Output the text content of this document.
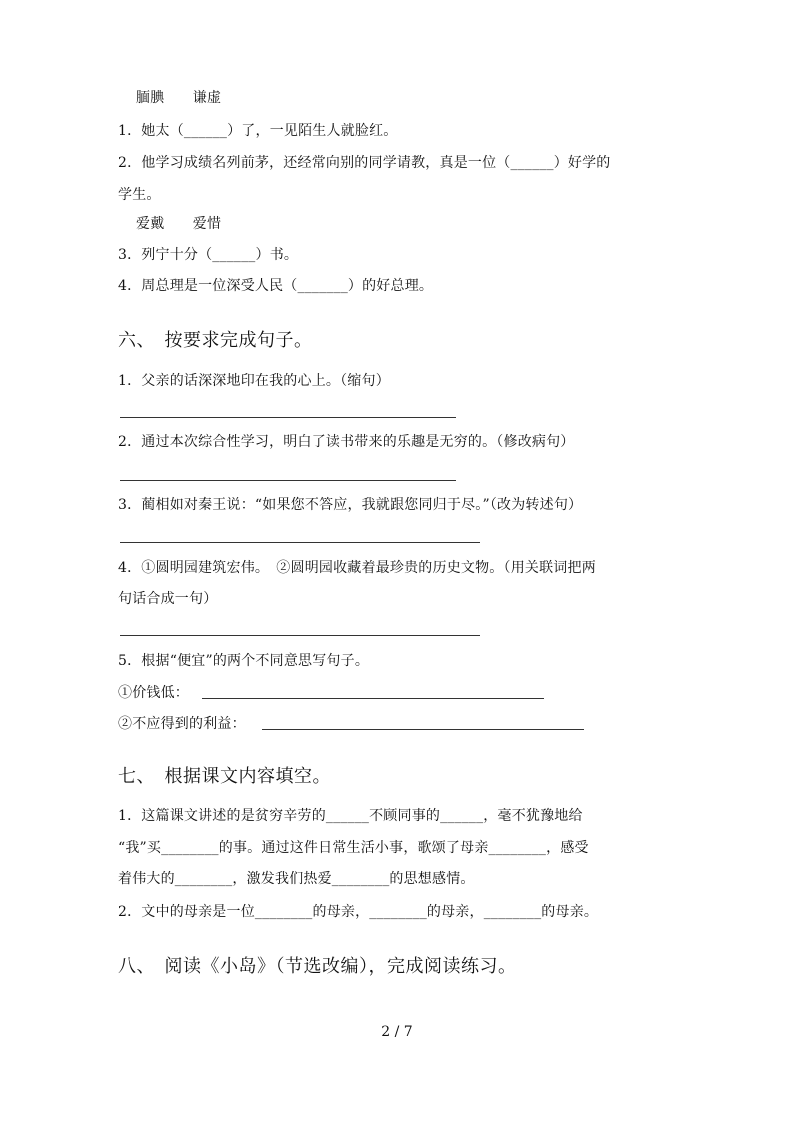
腼腆　　谦虚
1．她太（______）了，一见陌生人就脸红。
2．他学习成绩名列前茅，还经常向别的同学请教，真是一位（______）好学的
学生。
爱戴　　爱惜
3．列宁十分（______）书。
4．周总理是一位深受人民（_______）的好总理。
六、　按要求完成句子。
1．父亲的话深深地印在我的心上。（缩句）
2．通过本次综合性学习，明白了读书带来的乐趣是无穷的。（修改病句）
3．蔺相如对秦王说：“如果您不答应，我就跟您同归于尽。”（改为转述句）
4．①圆明园建筑宏伟。　②圆明园收藏着最珍贵的历史文物。（用关联词把两
句话合成一句）
5．根据“便宜”的两个不同意思写句子。
①价钱低：
②不应得到的利益：
七、　根据课文内容填空。
1．这篇课文讲述的是贫穷辛劳的______不顾同事的______，毫不犹豫地给
“我”买________的事。通过这件日常生活小事，歌颂了母亲________，感受
着伟大的________，激发我们热爱________的思想感情。
2．文中的母亲是一位________的母亲，________的母亲，________的母亲。
八、　阅读《小岛》（节选改编），完成阅读练习。
2 / 7
